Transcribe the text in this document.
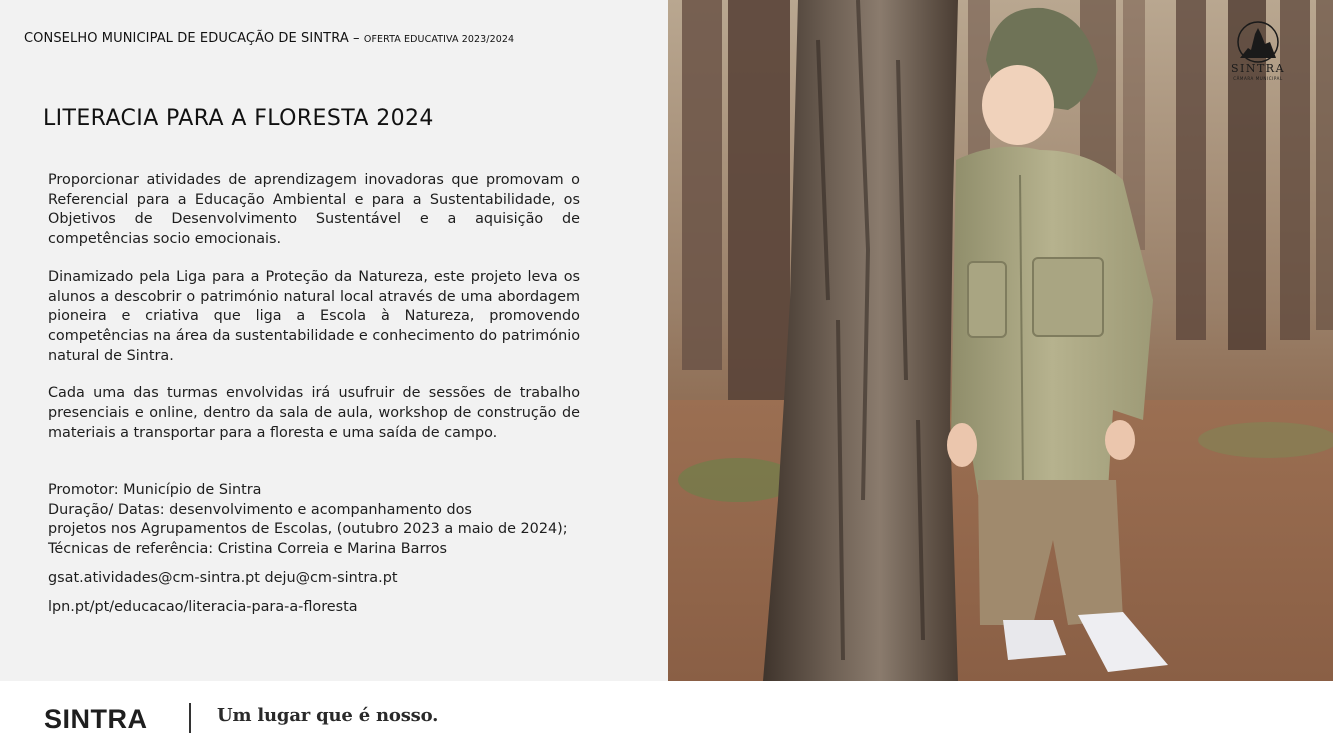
CONSELHO MUNICIPAL DE EDUCAÇÃO DE SINTRA – OFERTA EDUCATIVA 2023/2024
LITERACIA PARA A FLORESTA 2024

Proporcionar atividades de aprendizagem inovadoras que promovam o Referencial para a Educação Ambiental e para a Sustentabilidade, os Objetivos de Desenvolvimento Sustentável e a aquisição de competências socio emocionais.

Dinamizado pela Liga para a Proteção da Natureza, este projeto leva os alunos a descobrir o património natural local através de uma abordagem pioneira e criativa que liga a Escola à Natureza, promovendo competências na área da sustentabilidade e conhecimento do património natural de Sintra.

Cada uma das turmas envolvidas irá usufruir de sessões de trabalho presenciais e online, dentro da sala de aula, workshop de construção de materiais a transportar para a floresta e uma saída de campo.

Promotor: Município de Sintra
Duração/ Datas: desenvolvimento e acompanhamento dos
projetos nos Agrupamentos de Escolas, (outubro 2023 a maio de 2024);
Técnicas de referência: Cristina Correia e Marina Barros
gsat.atividades@cm-sintra.pt deju@cm-sintra.pt
lpn.pt/pt/educacao/literacia-para-a-floresta
SINTRA
CÂMARA MUNICIPAL
SINTRA	Um lugar que é nosso.
